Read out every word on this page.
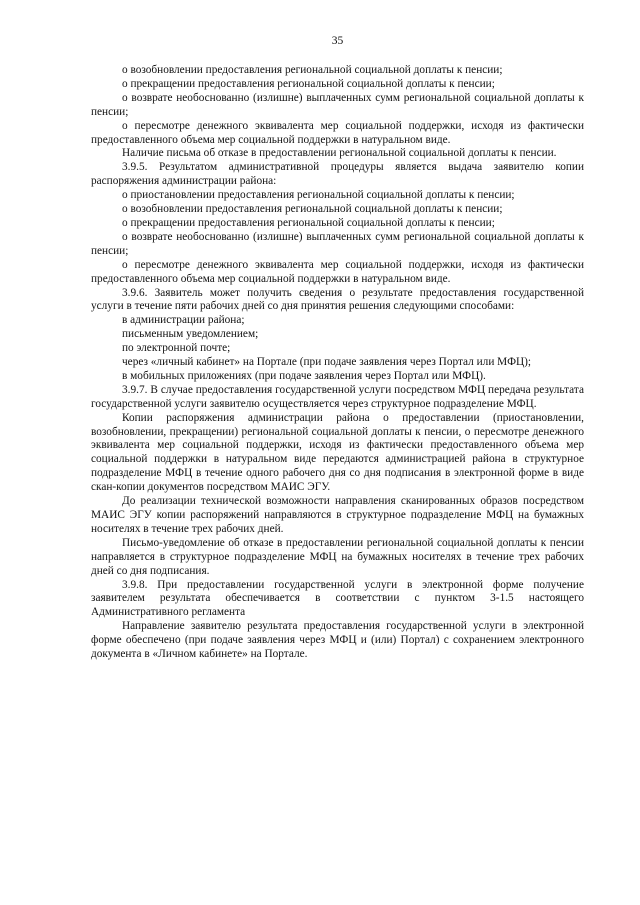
35

о возобновлении предоставления региональной социальной доплаты к пенсии;

о прекращении предоставления региональной социальной доплаты к пенсии;

о возврате необоснованно (излишне) выплаченных сумм региональной социальной доплаты к пенсии;

о пересмотре денежного эквивалента мер социальной поддержки, исходя из фактически предоставленного объема мер социальной поддержки в натуральном виде.

Наличие письма об отказе в предоставлении региональной социальной доплаты к пенсии.

3.9.5. Результатом административной процедуры является выдача заявителю копии распоряжения администрации района:

о приостановлении предоставления региональной социальной доплаты к пенсии;

о возобновлении предоставления региональной социальной доплаты к пенсии;

о прекращении предоставления региональной социальной доплаты к пенсии;

о возврате необоснованно (излишне) выплаченных сумм региональной социальной доплаты к пенсии;

о пересмотре денежного эквивалента мер социальной поддержки, исходя из фактически предоставленного объема мер социальной поддержки в натуральном виде.

3.9.6. Заявитель может получить сведения о результате предоставления государственной услуги в течение пяти рабочих дней со дня принятия решения следующими способами:

в администрации района;

письменным уведомлением;

по электронной почте;

через «личный кабинет» на Портале (при подаче заявления через Портал или МФЦ);

в мобильных приложениях (при подаче заявления через Портал или МФЦ).

3.9.7. В случае предоставления государственной услуги посредством МФЦ передача результата государственной услуги заявителю осуществляется через структурное подразделение МФЦ.

Копии распоряжения администрации района о предоставлении (приостановлении, возобновлении, прекращении) региональной социальной доплаты к пенсии, о пересмотре денежного эквивалента мер социальной поддержки, исходя из фактически предоставленного объема мер социальной поддержки в натуральном виде передаются администрацией района в структурное подразделение МФЦ в течение одного рабочего дня со дня подписания в электронной форме в виде скан-копии документов посредством МАИС ЭГУ.

До реализации технической возможности направления сканированных образов посредством МАИС ЭГУ копии распоряжений направляются в структурное подразделение МФЦ на бумажных носителях в течение трех рабочих дней.

Письмо-уведомление об отказе в предоставлении региональной социальной доплаты к пенсии направляется в структурное подразделение МФЦ на бумажных носителях в течение трех рабочих дней со дня подписания.

3.9.8. При предоставлении государственной услуги в электронной форме получение заявителем результата обеспечивается в соответствии с пунктом 3-1.5 настоящего Административного регламента

Направление заявителю результата предоставления государственной услуги в электронной форме обеспечено (при подаче заявления через МФЦ и (или) Портал) с сохранением электронного документа в «Личном кабинете» на Портале.
